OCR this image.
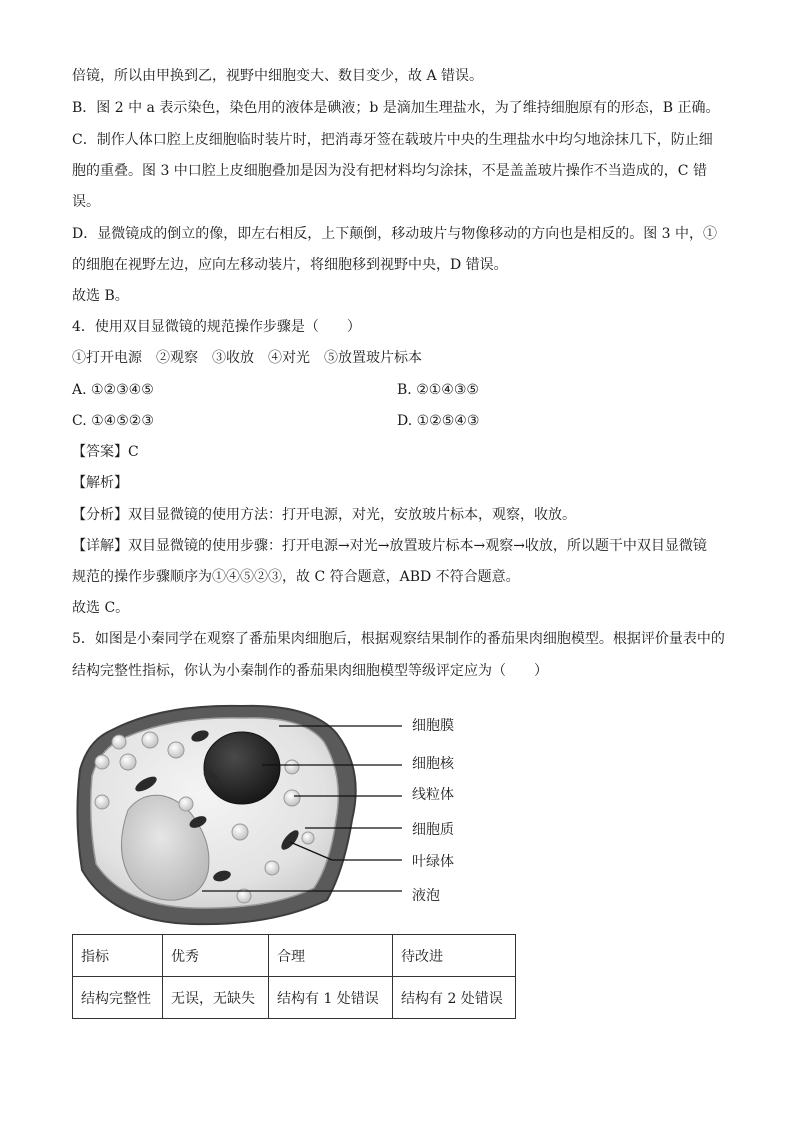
倍镜，所以由甲换到乙，视野中细胞变大、数目变少，故 A 错误。
B．图 2 中 a 表示染色，染色用的液体是碘液；b 是滴加生理盐水，为了维持细胞原有的形态，B 正确。
C．制作人体口腔上皮细胞临时装片时，把消毒牙签在载玻片中央的生理盐水中均匀地涂抹几下，防止细
胞的重叠。图 3 中口腔上皮细胞叠加是因为没有把材料均匀涂抹，不是盖盖玻片操作不当造成的，C 错
误。
D．显微镜成的倒立的像，即左右相反，上下颠倒，移动玻片与物像移动的方向也是相反的。图 3 中，①
的细胞在视野左边，应向左移动装片，将细胞移到视野中央，D 错误。
故选 B。
4．使用双目显微镜的规范操作步骤是（　　）
①打开电源　②观察　③收放　④对光　⑤放置玻片标本
A. ①②③④⑤	B. ②①④③⑤
C. ①④⑤②③	D. ①②⑤④③
【答案】C
【解析】
【分析】双目显微镜的使用方法：打开电源，对光，安放玻片标本，观察，收放。
【详解】双目显微镜的使用步骤：打开电源→对光→放置玻片标本→观察→收放，所以题干中双目显微镜
规范的操作步骤顺序为①④⑤②③，故 C 符合题意，ABD 不符合题意。
故选 C。
5．如图是小秦同学在观察了番茄果肉细胞后，根据观察结果制作的番茄果肉细胞模型。根据评价量表中的
结构完整性指标，你认为小秦制作的番茄果肉细胞模型等级评定应为（　　）
细胞膜
细胞核
线粒体
细胞质
叶绿体
液泡
指标	优秀	合理	待改进
结构完整性	无误，无缺失	结构有 1 处错误	结构有 2 处错误
